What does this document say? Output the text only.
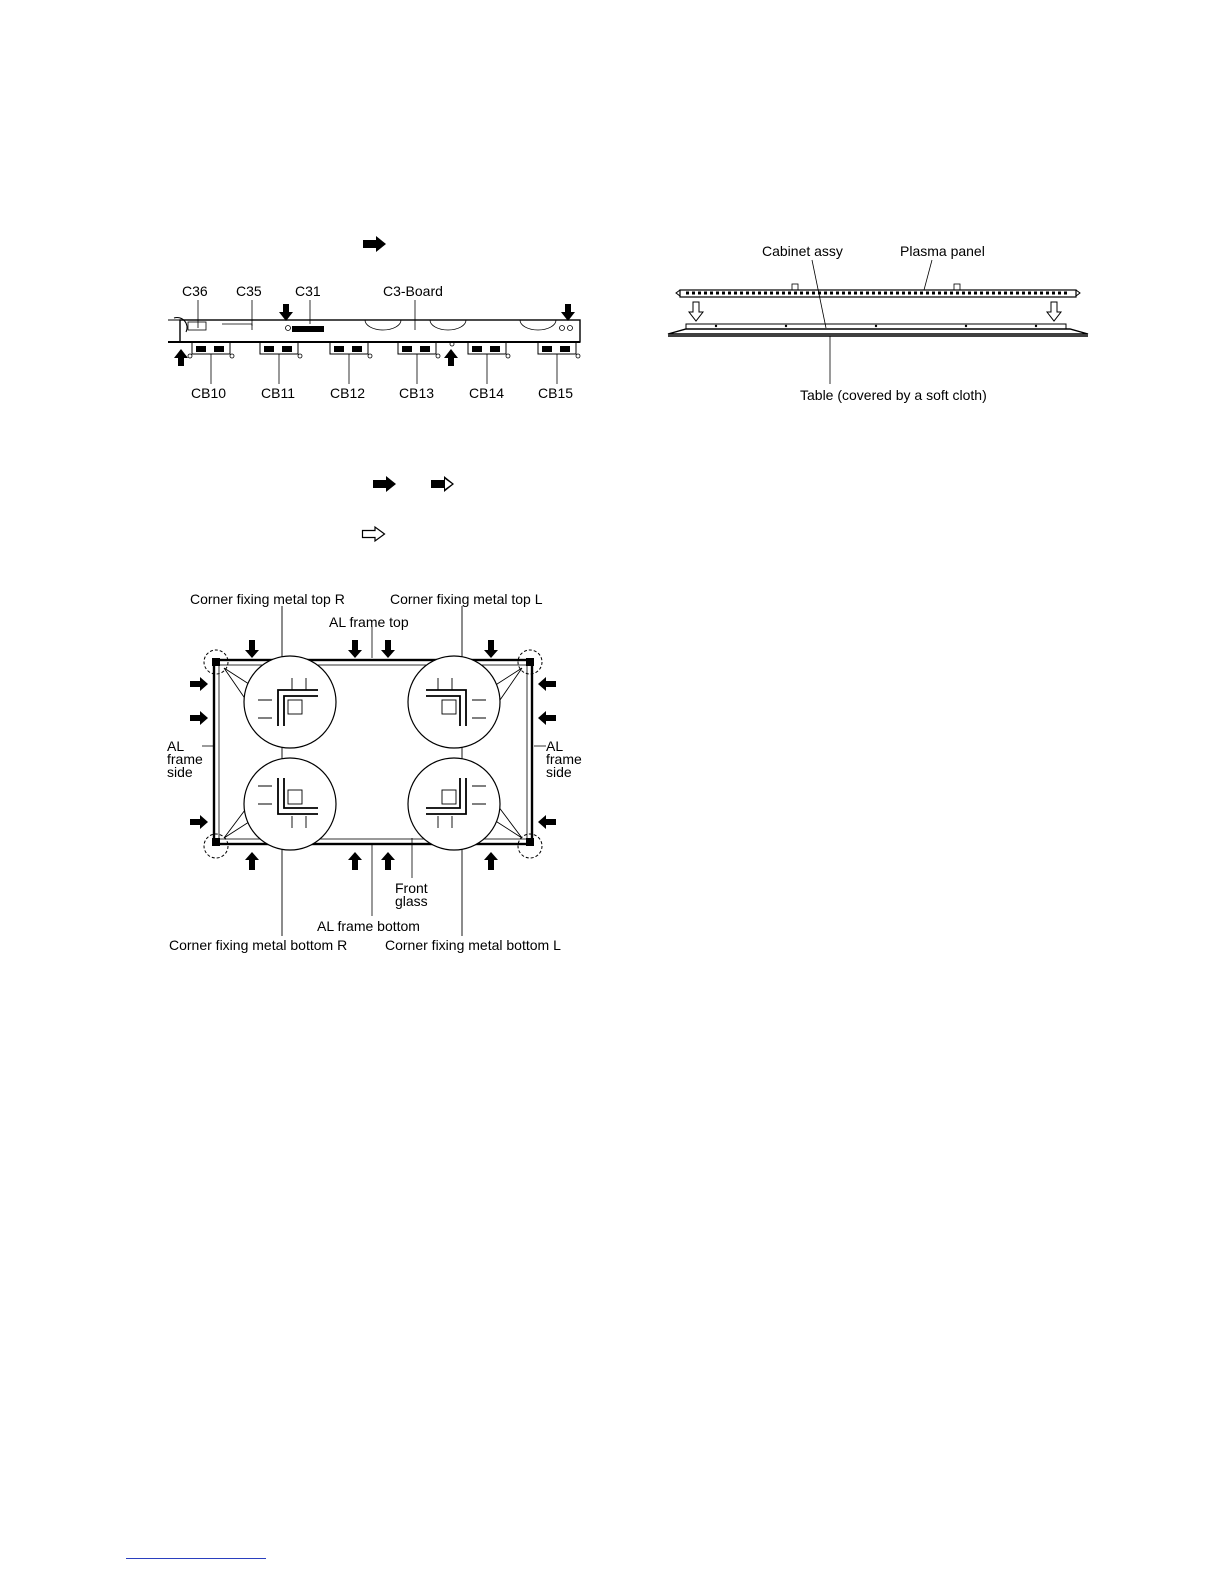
C36 C35 C31	C3-Board
CB10 CB11	CB12 CB13 CB14 CB15
Cabinet assy	Plasma panel
Table (covered by a soft cloth)
Corner fixing metal top R	Corner fixing metal top L
AL frame top
AL
frame
side
AL
frame
side
Front
glass
AL frame bottom
Corner fixing metal bottom R	Corner fixing metal bottom L
